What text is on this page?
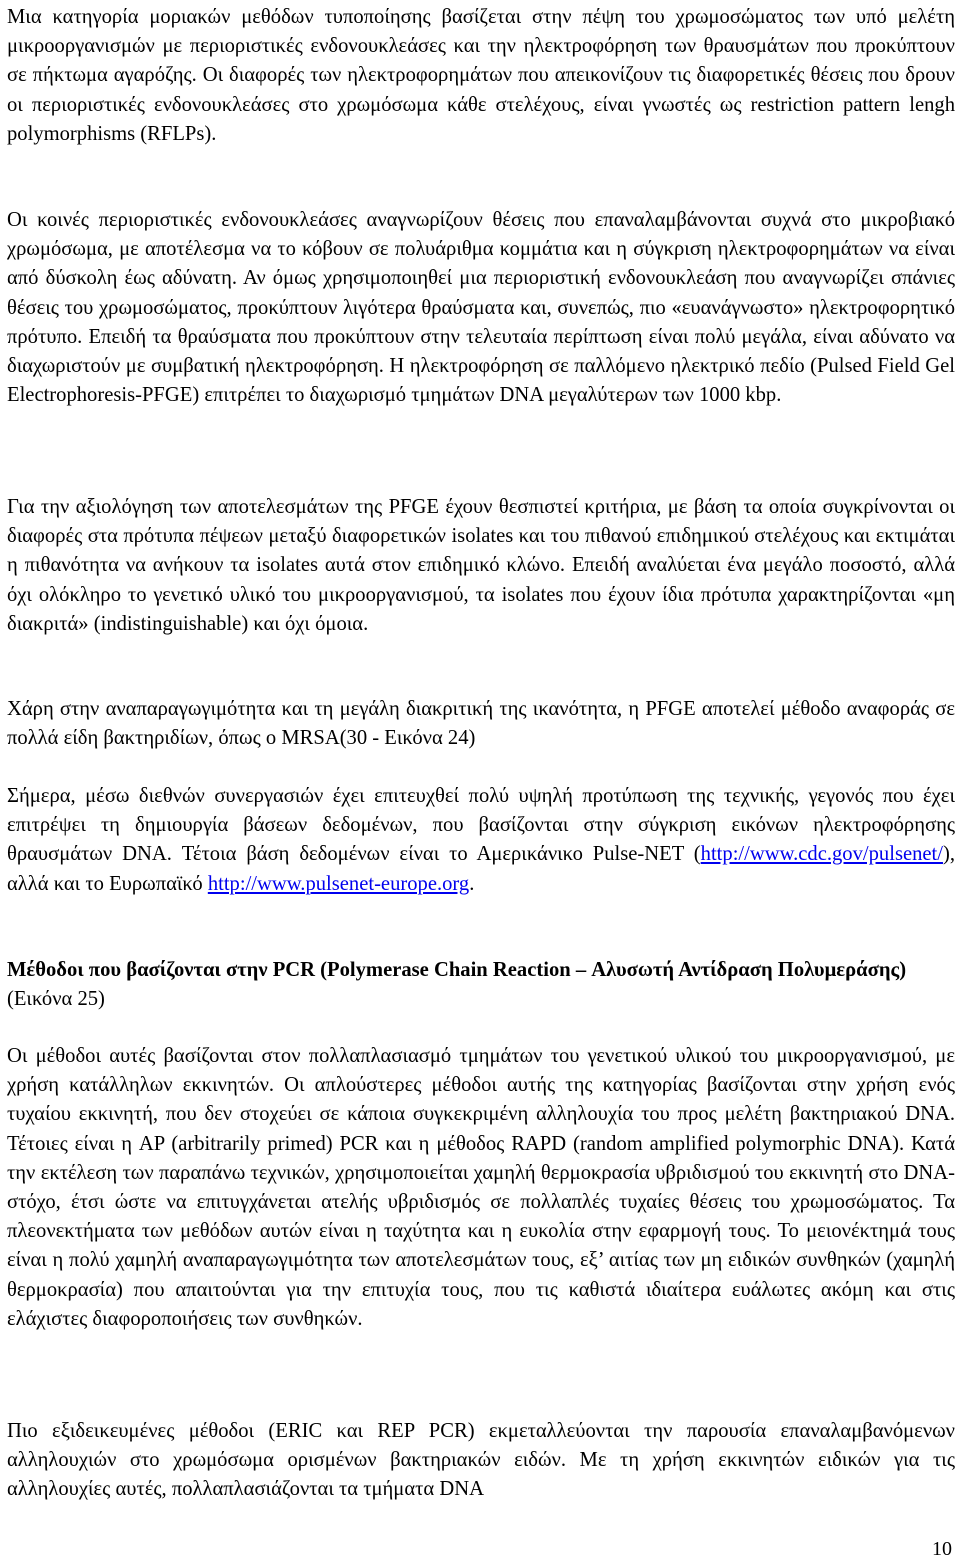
Μια κατηγορία μοριακών μεθόδων τυποποίησης βασίζεται στην πέψη του χρωμοσώματος των υπό μελέτη μικροοργανισμών με περιοριστικές ενδονουκλεάσες και την ηλεκτροφόρηση των θραυσμάτων που προκύπτουν σε πήκτωμα αγαρόζης. Οι διαφορές των ηλεκτροφορημάτων που απεικονίζουν τις διαφορετικές θέσεις που δρουν οι περιοριστικές ενδονουκλεάσες στο χρωμόσωμα κάθε στελέχους, είναι γνωστές ως restriction pattern lengh polymorphisms (RFLPs).

Οι κοινές περιοριστικές ενδονουκλεάσες αναγνωρίζουν θέσεις που επαναλαμβάνονται συχνά στο μικροβιακό χρωμόσωμα, με αποτέλεσμα να το κόβουν σε πολυάριθμα κομμάτια και η σύγκριση ηλεκτροφορημάτων να είναι από δύσκολη έως αδύνατη. Αν όμως χρησιμοποιηθεί μια περιοριστική ενδονουκλεάση που αναγνωρίζει σπάνιες θέσεις του χρωμοσώματος, προκύπτουν λιγότερα θραύσματα και, συνεπώς, πιο «ευανάγνωστο» ηλεκτροφορητικό πρότυπο. Επειδή τα θραύσματα που προκύπτουν στην τελευταία περίπτωση είναι πολύ μεγάλα, είναι αδύνατο να διαχωριστούν με συμβατική ηλεκτροφόρηση. Η ηλεκτροφόρηση σε παλλόμενο ηλεκτρικό πεδίο (Pulsed Field Gel Electrophoresis-PFGE) επιτρέπει το διαχωρισμό τμημάτων DNA μεγαλύτερων των 1000 kbp.

Για την αξιολόγηση των αποτελεσμάτων της PFGE έχουν θεσπιστεί κριτήρια, με βάση τα οποία συγκρίνονται οι διαφορές στα πρότυπα πέψεων μεταξύ διαφορετικών isolates και του πιθανού επιδημικού στελέχους και εκτιμάται η πιθανότητα να ανήκουν τα isolates αυτά στον επιδημικό κλώνο. Επειδή αναλύεται ένα μεγάλο ποσοστό, αλλά όχι ολόκληρο το γενετικό υλικό του μικροοργανισμού, τα isolates που έχουν ίδια πρότυπα χαρακτηρίζονται «μη διακριτά» (indistinguishable) και όχι όμοια.

Χάρη στην αναπαραγωγιμότητα και τη μεγάλη διακριτική της ικανότητα, η PFGE αποτελεί μέθοδο αναφοράς σε πολλά είδη βακτηριδίων, όπως ο MRSA(30 - Εικόνα 24)

Σήμερα, μέσω διεθνών συνεργασιών έχει επιτευχθεί πολύ υψηλή προτύπωση της τεχνικής, γεγονός που έχει επιτρέψει τη δημιουργία βάσεων δεδομένων, που βασίζονται στην σύγκριση εικόνων ηλεκτροφόρησης θραυσμάτων DNA. Τέτοια βάση δεδομένων είναι το Αμερικάνικο Pulse-NET (http://www.cdc.gov/pulsenet/), αλλά και το Ευρωπαϊκό http://www.pulsenet-europe.org.

Μέθοδοι που βασίζονται στην PCR (Polymerase Chain Reaction – Αλυσωτή Αντίδραση Πολυμεράσης) (Εικόνα 25)

Οι μέθοδοι αυτές βασίζονται στον πολλαπλασιασμό τμημάτων του γενετικού υλικού του μικροοργανισμού, με χρήση κατάλληλων εκκινητών. Οι απλούστερες μέθοδοι αυτής της κατηγορίας βασίζονται στην χρήση ενός τυχαίου εκκινητή, που δεν στοχεύει σε κάποια συγκεκριμένη αλληλουχία του προς μελέτη βακτηριακού DNA. Τέτοιες είναι η AP (arbitrarily primed) PCR και η μέθοδος RAPD (random amplified polymorphic DNA). Κατά την εκτέλεση των παραπάνω τεχνικών, χρησιμοποιείται χαμηλή θερμοκρασία υβριδισμού του εκκινητή στο DNA-στόχο, έτσι ώστε να επιτυγχάνεται ατελής υβριδισμός σε πολλαπλές τυχαίες θέσεις του χρωμοσώματος. Τα πλεονεκτήματα των μεθόδων αυτών είναι η ταχύτητα και η ευκολία στην εφαρμογή τους. Το μειονέκτημά τους είναι η πολύ χαμηλή αναπαραγωγιμότητα των αποτελεσμάτων τους, εξ’ αιτίας των μη ειδικών συνθηκών (χαμηλή θερμοκρασία) που απαιτούνται για την επιτυχία τους, που τις καθιστά ιδιαίτερα ευάλωτες ακόμη και στις ελάχιστες διαφοροποιήσεις των συνθηκών.

Πιο εξιδεικευμένες μέθοδοι (ERIC και REP PCR) εκμεταλλεύονται την παρουσία επαναλαμβανόμενων αλληλουχιών στο χρωμόσωμα ορισμένων βακτηριακών ειδών. Με τη χρήση εκκινητών ειδικών για τις αλληλουχίες αυτές, πολλαπλασιάζονται τα τμήματα DNA

10
